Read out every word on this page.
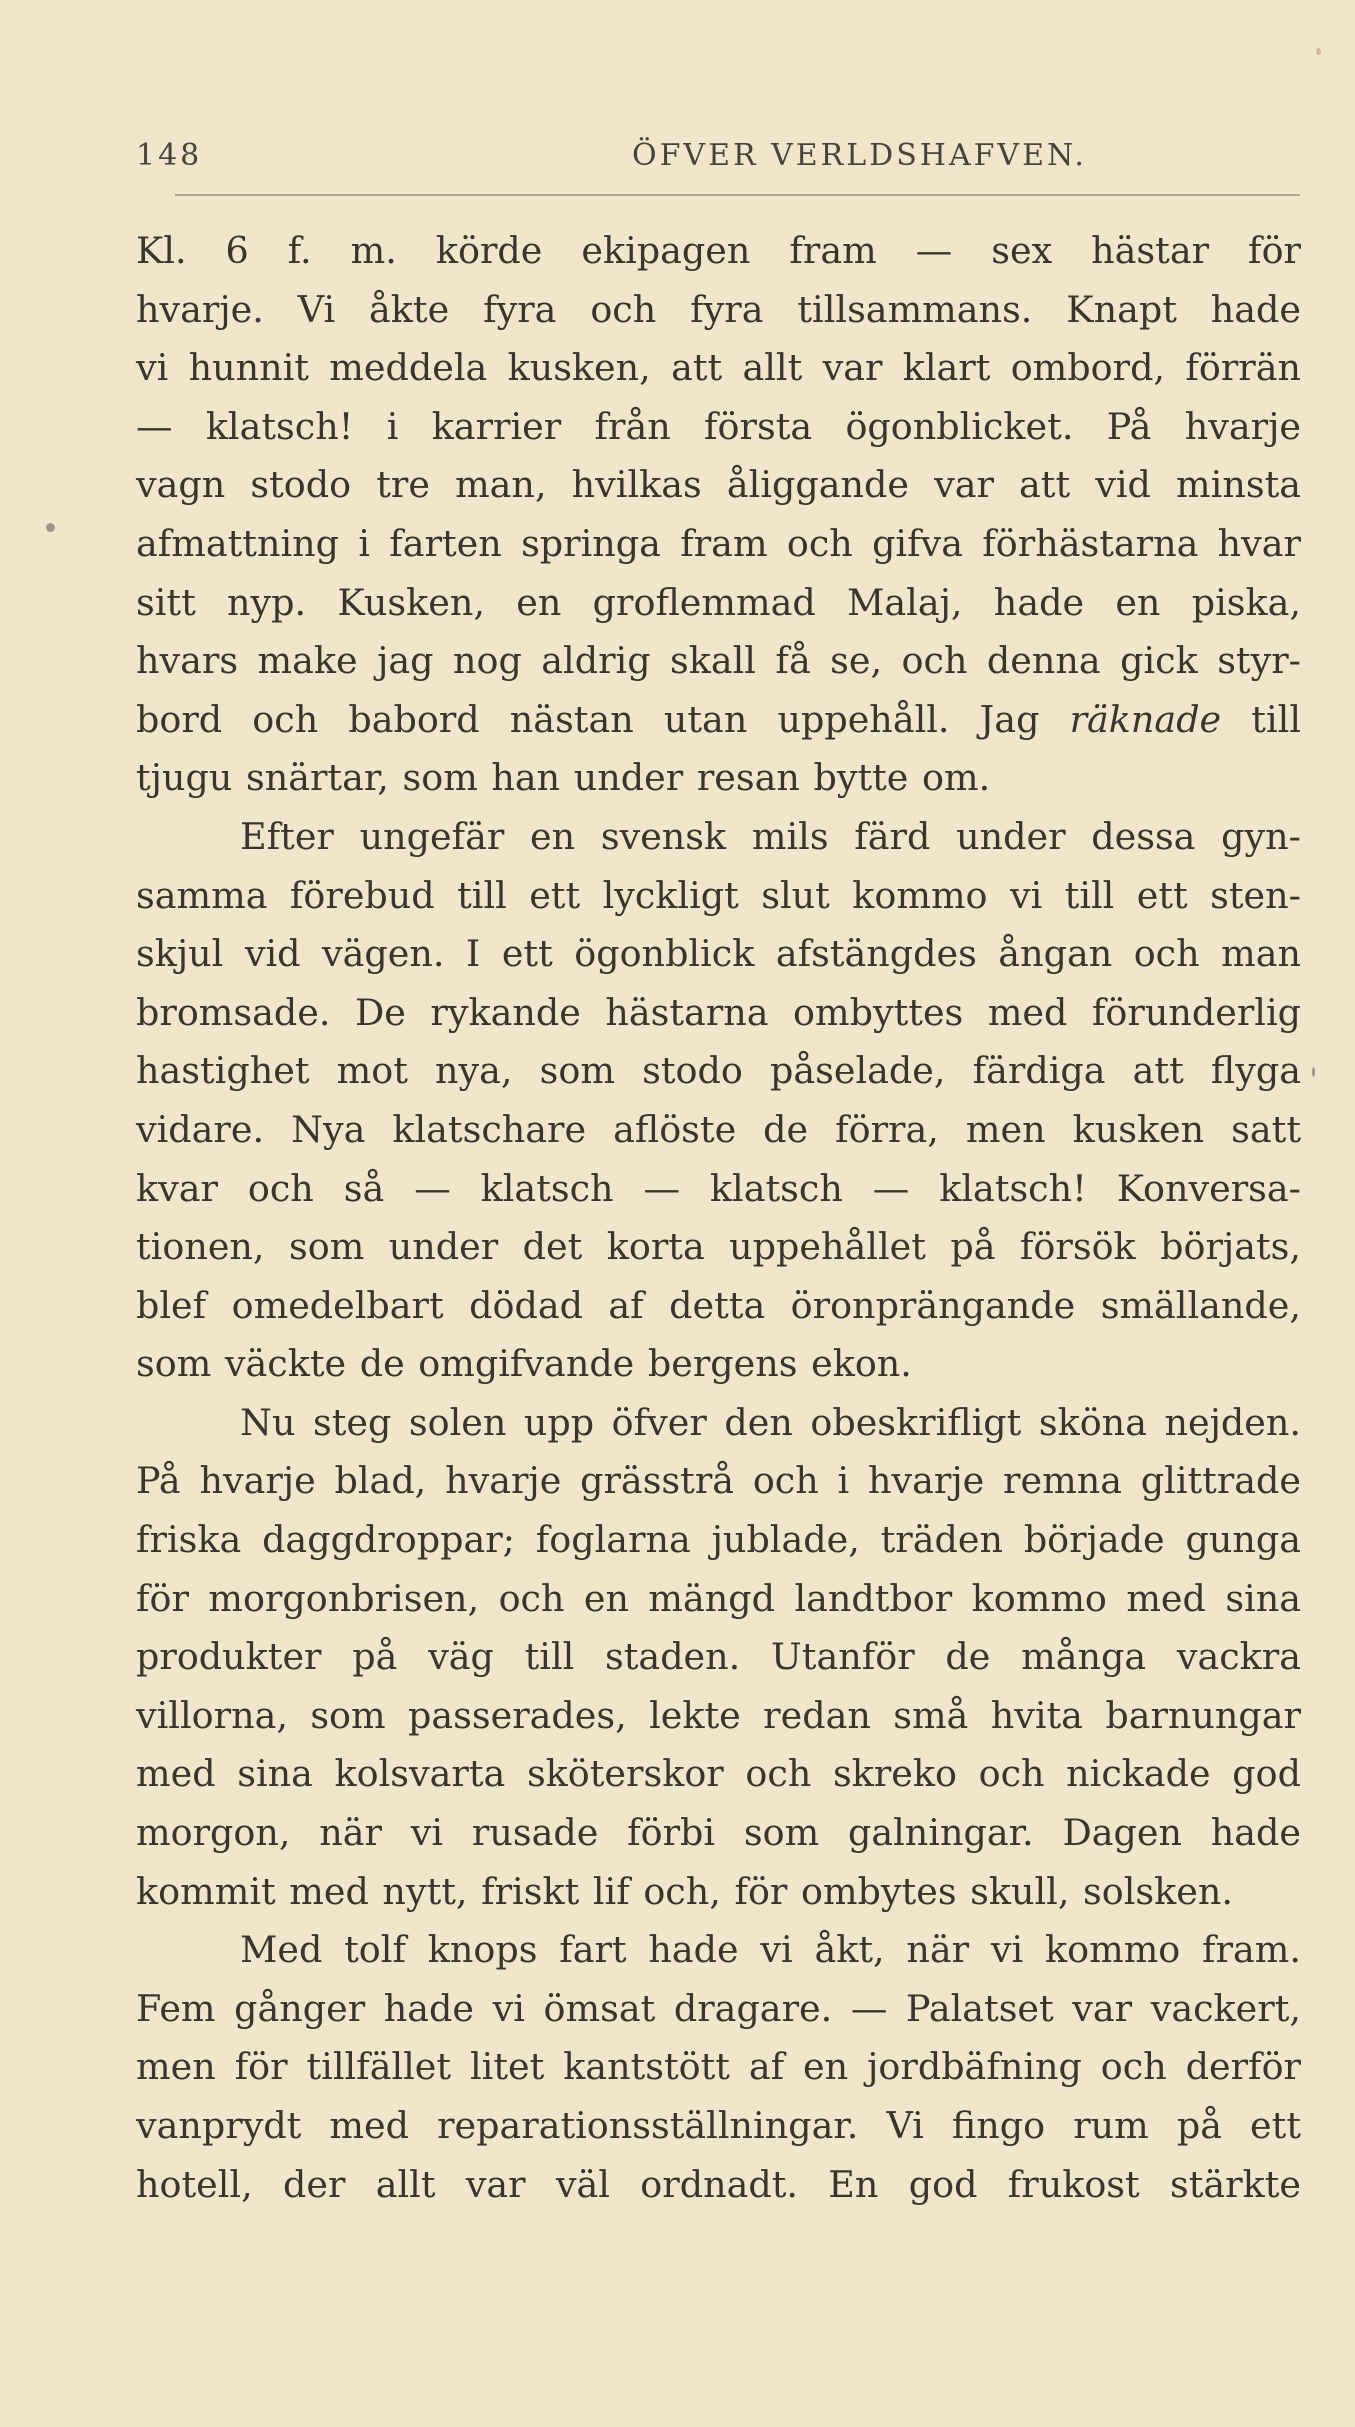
148	ÖFVER VERLDSHAFVEN.
Kl. 6 f. m. körde ekipagen fram — sex hästar för
hvarje. Vi åkte fyra och fyra tillsammans. Knapt hade
vi hunnit meddela kusken, att allt var klart ombord, förrän
— klatsch! i karrier från första ögonblicket. På hvarje
vagn stodo tre man, hvilkas åliggande var att vid minsta
afmattning i farten springa fram och gifva förhästarna hvar
sitt nyp. Kusken, en groflemmad Malaj, hade en piska,
hvars make jag nog aldrig skall få se, och denna gick styr-
bord och babord nästan utan uppehåll. Jag räknade till
tjugu snärtar, som han under resan bytte om.
Efter ungefär en svensk mils färd under dessa gyn-
samma förebud till ett lyckligt slut kommo vi till ett sten-
skjul vid vägen. I ett ögonblick afstängdes ångan och man
bromsade. De rykande hästarna ombyttes med förunderlig
hastighet mot nya, som stodo påselade, färdiga att flyga
vidare. Nya klatschare aflöste de förra, men kusken satt
kvar och så — klatsch — klatsch — klatsch! Konversa-
tionen, som under det korta uppehållet på försök börjats,
blef omedelbart dödad af detta öronprängande smällande,
som väckte de omgifvande bergens ekon.
Nu steg solen upp öfver den obeskrifligt sköna nejden.
På hvarje blad, hvarje grässtrå och i hvarje remna glittrade
friska daggdroppar; foglarna jublade, träden började gunga
för morgonbrisen, och en mängd landtbor kommo med sina
produkter på väg till staden. Utanför de många vackra
villorna, som passerades, lekte redan små hvita barnungar
med sina kolsvarta sköterskor och skreko och nickade god
morgon, när vi rusade förbi som galningar. Dagen hade
kommit med nytt, friskt lif och, för ombytes skull, solsken.
Med tolf knops fart hade vi åkt, när vi kommo fram.
Fem gånger hade vi ömsat dragare. — Palatset var vackert,
men för tillfället litet kantstött af en jordbäfning och derför
vanprydt med reparationsställningar. Vi fingo rum på ett
hotell, der allt var väl ordnadt. En god frukost stärkte
